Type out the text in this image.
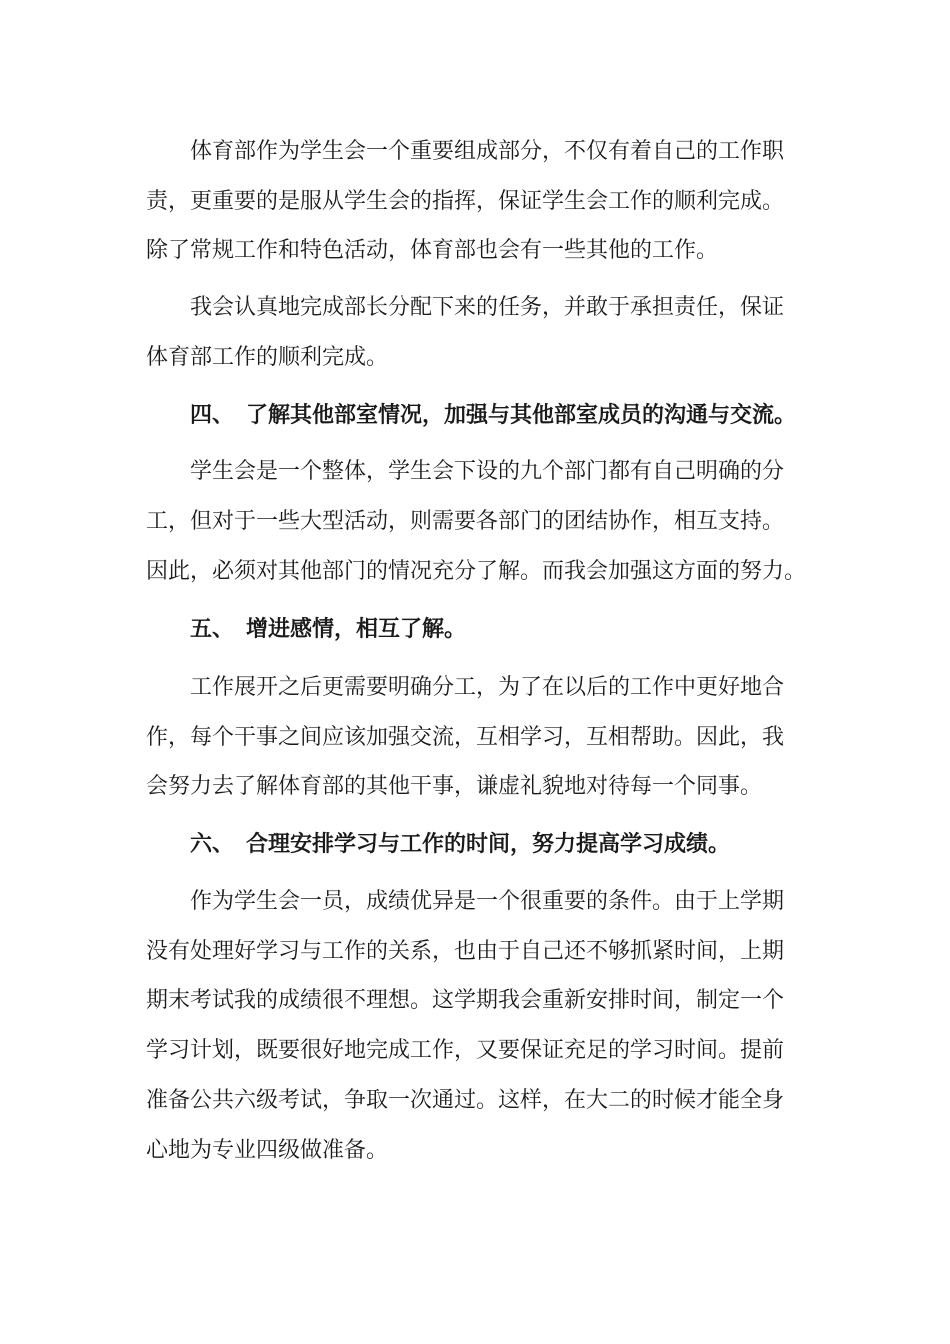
体育部作为学生会一个重要组成部分，不仅有着自己的工作职
责，更重要的是服从学生会的指挥，保证学生会工作的顺利完成。
除了常规工作和特色活动，体育部也会有一些其他的工作。
我会认真地完成部长分配下来的任务，并敢于承担责任，保证
体育部工作的顺利完成。
四、 了解其他部室情况，加强与其他部室成员的沟通与交流。
学生会是一个整体，学生会下设的九个部门都有自己明确的分
工，但对于一些大型活动，则需要各部门的团结协作，相互支持。
因此，必须对其他部门的情况充分了解。而我会加强这方面的努力。
五、 增进感情，相互了解。
工作展开之后更需要明确分工，为了在以后的工作中更好地合
作，每个干事之间应该加强交流，互相学习，互相帮助。因此，我
会努力去了解体育部的其他干事，谦虚礼貌地对待每一个同事。
六、 合理安排学习与工作的时间，努力提高学习成绩。
作为学生会一员，成绩优异是一个很重要的条件。由于上学期
没有处理好学习与工作的关系，也由于自己还不够抓紧时间，上期
期末考试我的成绩很不理想。这学期我会重新安排时间，制定一个
学习计划，既要很好地完成工作，又要保证充足的学习时间。提前
准备公共六级考试，争取一次通过。这样，在大二的时候才能全身
心地为专业四级做准备。
